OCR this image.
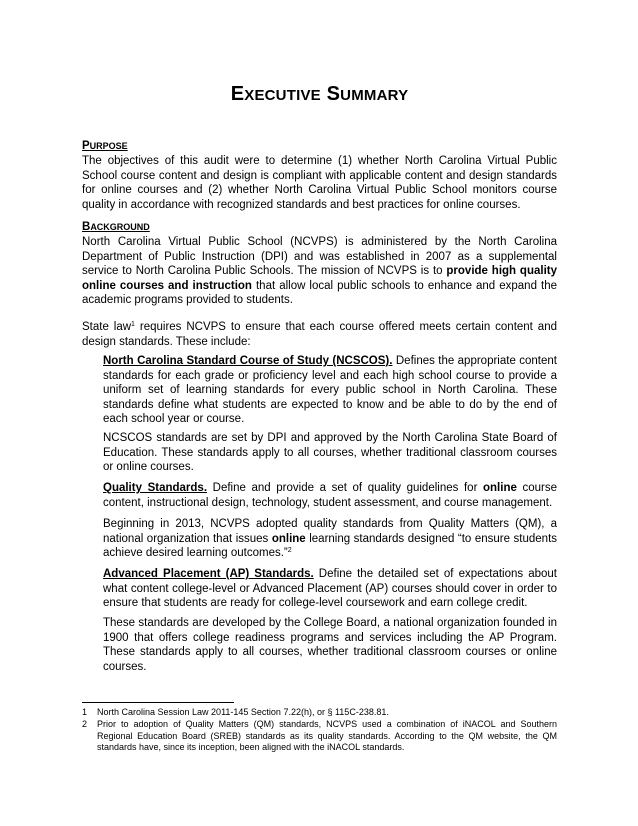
EXECUTIVE SUMMARY
PURPOSE

The objectives of this audit were to determine (1) whether North Carolina Virtual Public School course content and design is compliant with applicable content and design standards for online courses and (2) whether North Carolina Virtual Public School monitors course quality in accordance with recognized standards and best practices for online courses.

BACKGROUND

North Carolina Virtual Public School (NCVPS) is administered by the North Carolina Department of Public Instruction (DPI) and was established in 2007 as a supplemental service to North Carolina Public Schools. The mission of NCVPS is to provide high quality online courses and instruction that allow local public schools to enhance and expand the academic programs provided to students.

State law$^1$ requires NCVPS to ensure that each course offered meets certain content and design standards. These include:

North Carolina Standard Course of Study (NCSCOS). Defines the appropriate content standards for each grade or proficiency level and each high school course to provide a uniform set of learning standards for every public school in North Carolina. These standards define what students are expected to know and be able to do by the end of each school year or course.

NCSCOS standards are set by DPI and approved by the North Carolina State Board of Education. These standards apply to all courses, whether traditional classroom courses or online courses.

Quality Standards. Define and provide a set of quality guidelines for online course content, instructional design, technology, student assessment, and course management.

Beginning in 2013, NCVPS adopted quality standards from Quality Matters (QM), a national organization that issues online learning standards designed “to ensure students achieve desired learning outcomes.”$^2$

Advanced Placement (AP) Standards. Define the detailed set of expectations about what content college-level or Advanced Placement (AP) courses should cover in order to ensure that students are ready for college-level coursework and earn college credit.

These standards are developed by the College Board, a national organization founded in 1900 that offers college readiness programs and services including the AP Program. These standards apply to all courses, whether traditional classroom courses or online courses.

1 North Carolina Session Law 2011-145 Section 7.22(h), or § 115C-238.81.
2 Prior to adoption of Quality Matters (QM) standards, NCVPS used a combination of iNACOL and Southern Regional Education Board (SREB) standards as its quality standards. According to the QM website, the QM standards have, since its inception, been aligned with the iNACOL standards.
